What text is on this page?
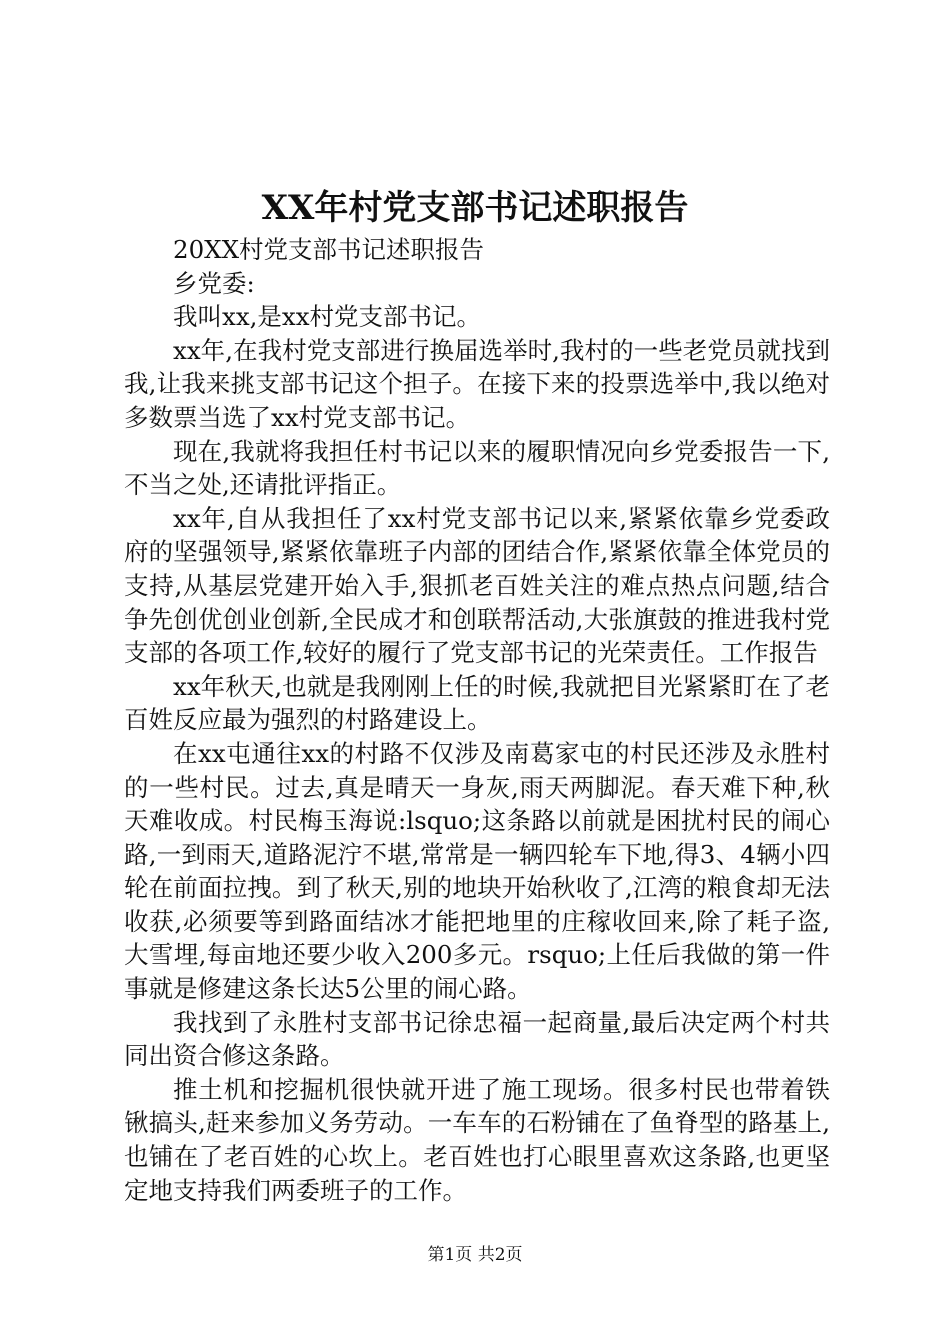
XX年村党支部书记述职报告

20XX村党支部书记述职报告

乡党委:

我叫xx,是xx村党支部书记。

xx年,在我村党支部进行换届选举时,我村的一些老党员就找到我,让我来挑支部书记这个担子。在接下来的投票选举中,我以绝对多数票当选了xx村党支部书记。

现在,我就将我担任村书记以来的履职情况向乡党委报告一下,不当之处,还请批评指正。

xx年,自从我担任了xx村党支部书记以来,紧紧依靠乡党委政府的坚强领导,紧紧依靠班子内部的团结合作,紧紧依靠全体党员的支持,从基层党建开始入手,狠抓老百姓关注的难点热点问题,结合争先创优创业创新,全民成才和创联帮活动,大张旗鼓的推进我村党支部的各项工作,较好的履行了党支部书记的光荣责任。工作报告

xx年秋天,也就是我刚刚上任的时候,我就把目光紧紧盯在了老百姓反应最为强烈的村路建设上。

在xx屯通往xx的村路不仅涉及南葛家屯的村民还涉及永胜村的一些村民。过去,真是晴天一身灰,雨天两脚泥。春天难下种,秋天难收成。村民梅玉海说:lsquo;这条路以前就是困扰村民的闹心路,一到雨天,道路泥泞不堪,常常是一辆四轮车下地,得3、4辆小四轮在前面拉拽。到了秋天,别的地块开始秋收了,江湾的粮食却无法收获,必须要等到路面结冰才能把地里的庄稼收回来,除了耗子盗,大雪埋,每亩地还要少收入200多元。rsquo;上任后我做的第一件事就是修建这条长达5公里的闹心路。

我找到了永胜村支部书记徐忠福一起商量,最后决定两个村共同出资合修这条路。

推土机和挖掘机很快就开进了施工现场。很多村民也带着铁锹搞头,赶来参加义务劳动。一车车的石粉铺在了鱼脊型的路基上,也铺在了老百姓的心坎上。老百姓也打心眼里喜欢这条路,也更坚定地支持我们两委班子的工作。

第1页 共2页
